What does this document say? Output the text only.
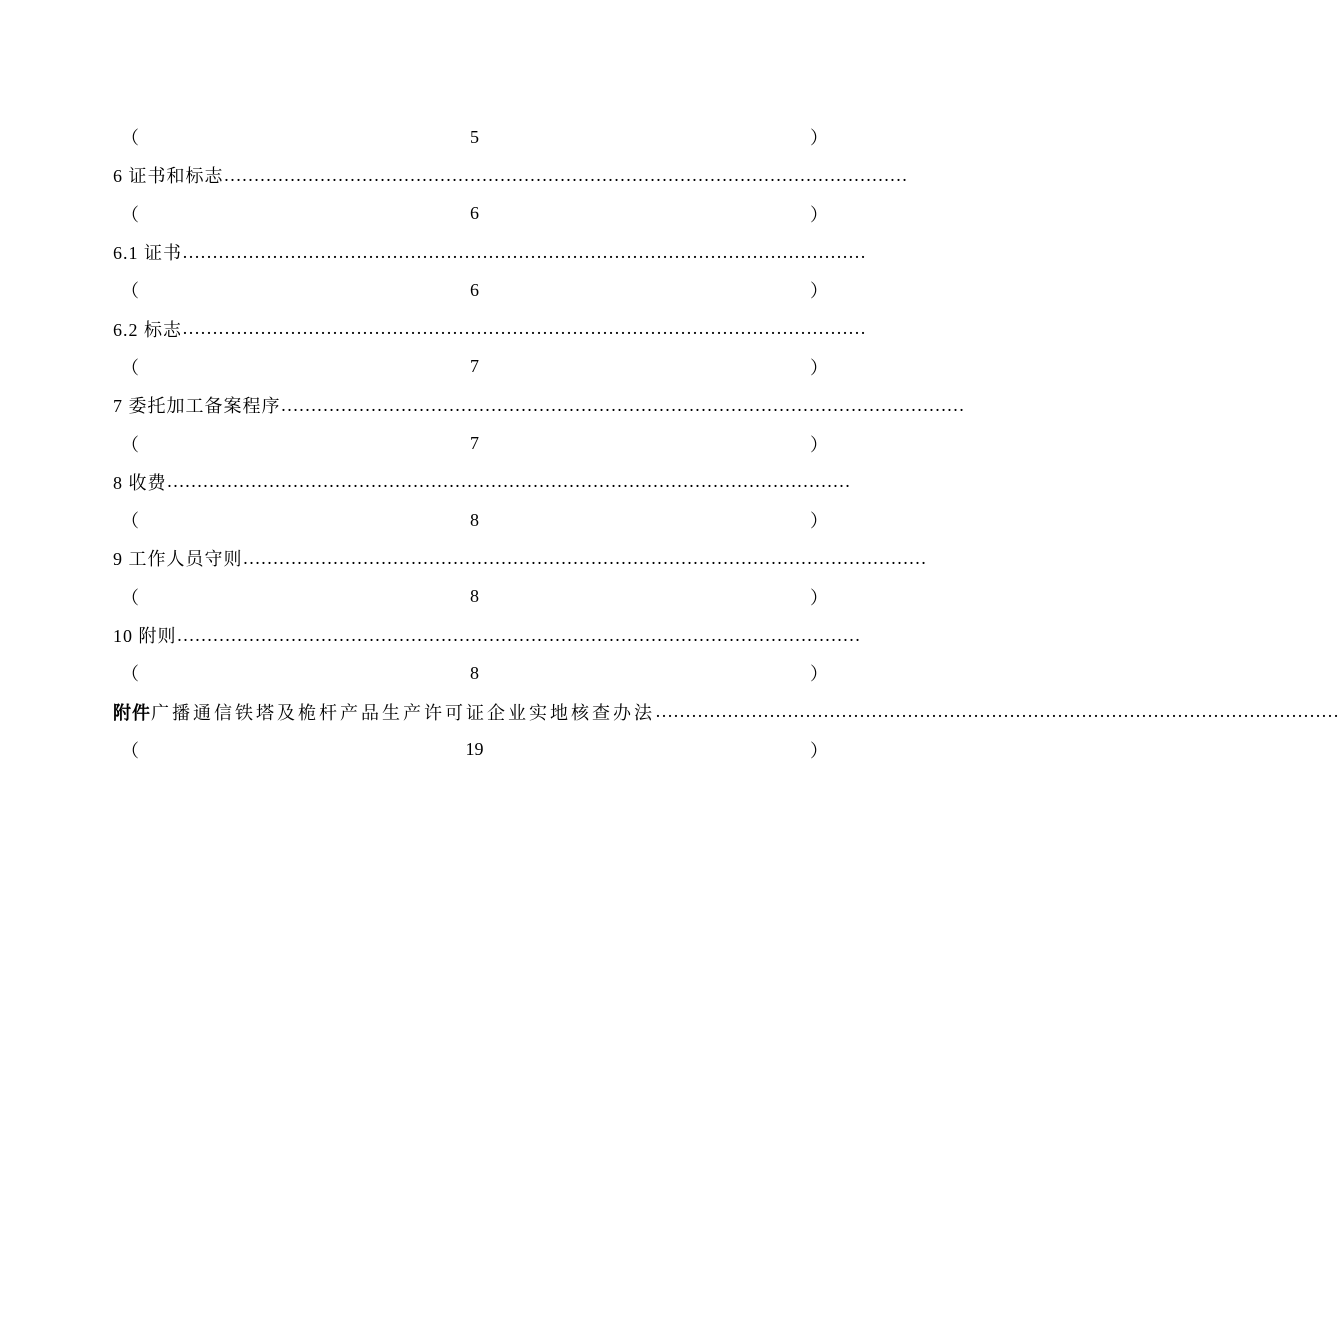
（	5	）
6 证书和标志 ……………………………………………………………………………………………………
（	6	）
6.1 证书 ……………………………………………………………………………………………………
（	6	）
6.2 标志 ……………………………………………………………………………………………………
（	7	）
7 委托加工备案程序 ……………………………………………………………………………………………………
（	7	）
8 收费 ……………………………………………………………………………………………………
（	8	）
9 工作人员守则 ……………………………………………………………………………………………………
（	8	）
10 附则 ……………………………………………………………………………………………………
（	8	）
附件 广播通信铁塔及桅杆产品生产许可证企业实地核查办法 ……………………………………………………………………………………………………
（	19	）
